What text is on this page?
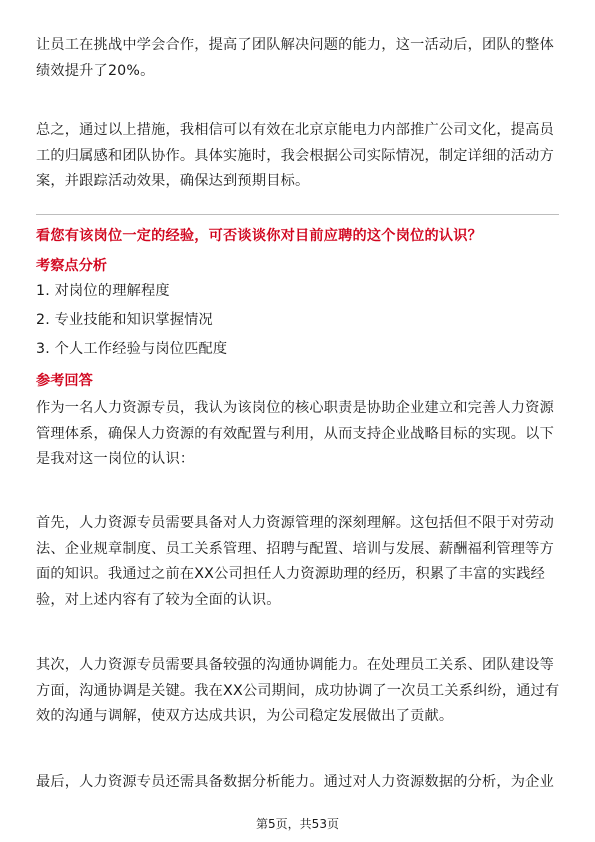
让员工在挑战中学会合作，提高了团队解决问题的能力，这一活动后，团队的整体
绩效提升了20%。

总之，通过以上措施，我相信可以有效在北京京能电力内部推广公司文化，提高员
工的归属感和团队协作。具体实施时，我会根据公司实际情况，制定详细的活动方
案，并跟踪活动效果，确保达到预期目标。

看您有该岗位一定的经验，可否谈谈你对目前应聘的这个岗位的认识？

考察点分析

1. 对岗位的理解程度

2. 专业技能和知识掌握情况

3. 个人工作经验与岗位匹配度

参考回答

作为一名人力资源专员，我认为该岗位的核心职责是协助企业建立和完善人力资源
管理体系，确保人力资源的有效配置与利用，从而支持企业战略目标的实现。以下
是我对这一岗位的认识：

首先，人力资源专员需要具备对人力资源管理的深刻理解。这包括但不限于对劳动
法、企业规章制度、员工关系管理、招聘与配置、培训与发展、薪酬福利管理等方
面的知识。我通过之前在XX公司担任人力资源助理的经历，积累了丰富的实践经
验，对上述内容有了较为全面的认识。

其次，人力资源专员需要具备较强的沟通协调能力。在处理员工关系、团队建设等
方面，沟通协调是关键。我在XX公司期间，成功协调了一次员工关系纠纷，通过有
效的沟通与调解，使双方达成共识，为公司稳定发展做出了贡献。

最后，人力资源专员还需具备数据分析能力。通过对人力资源数据的分析，为企业

第5页，共53页
